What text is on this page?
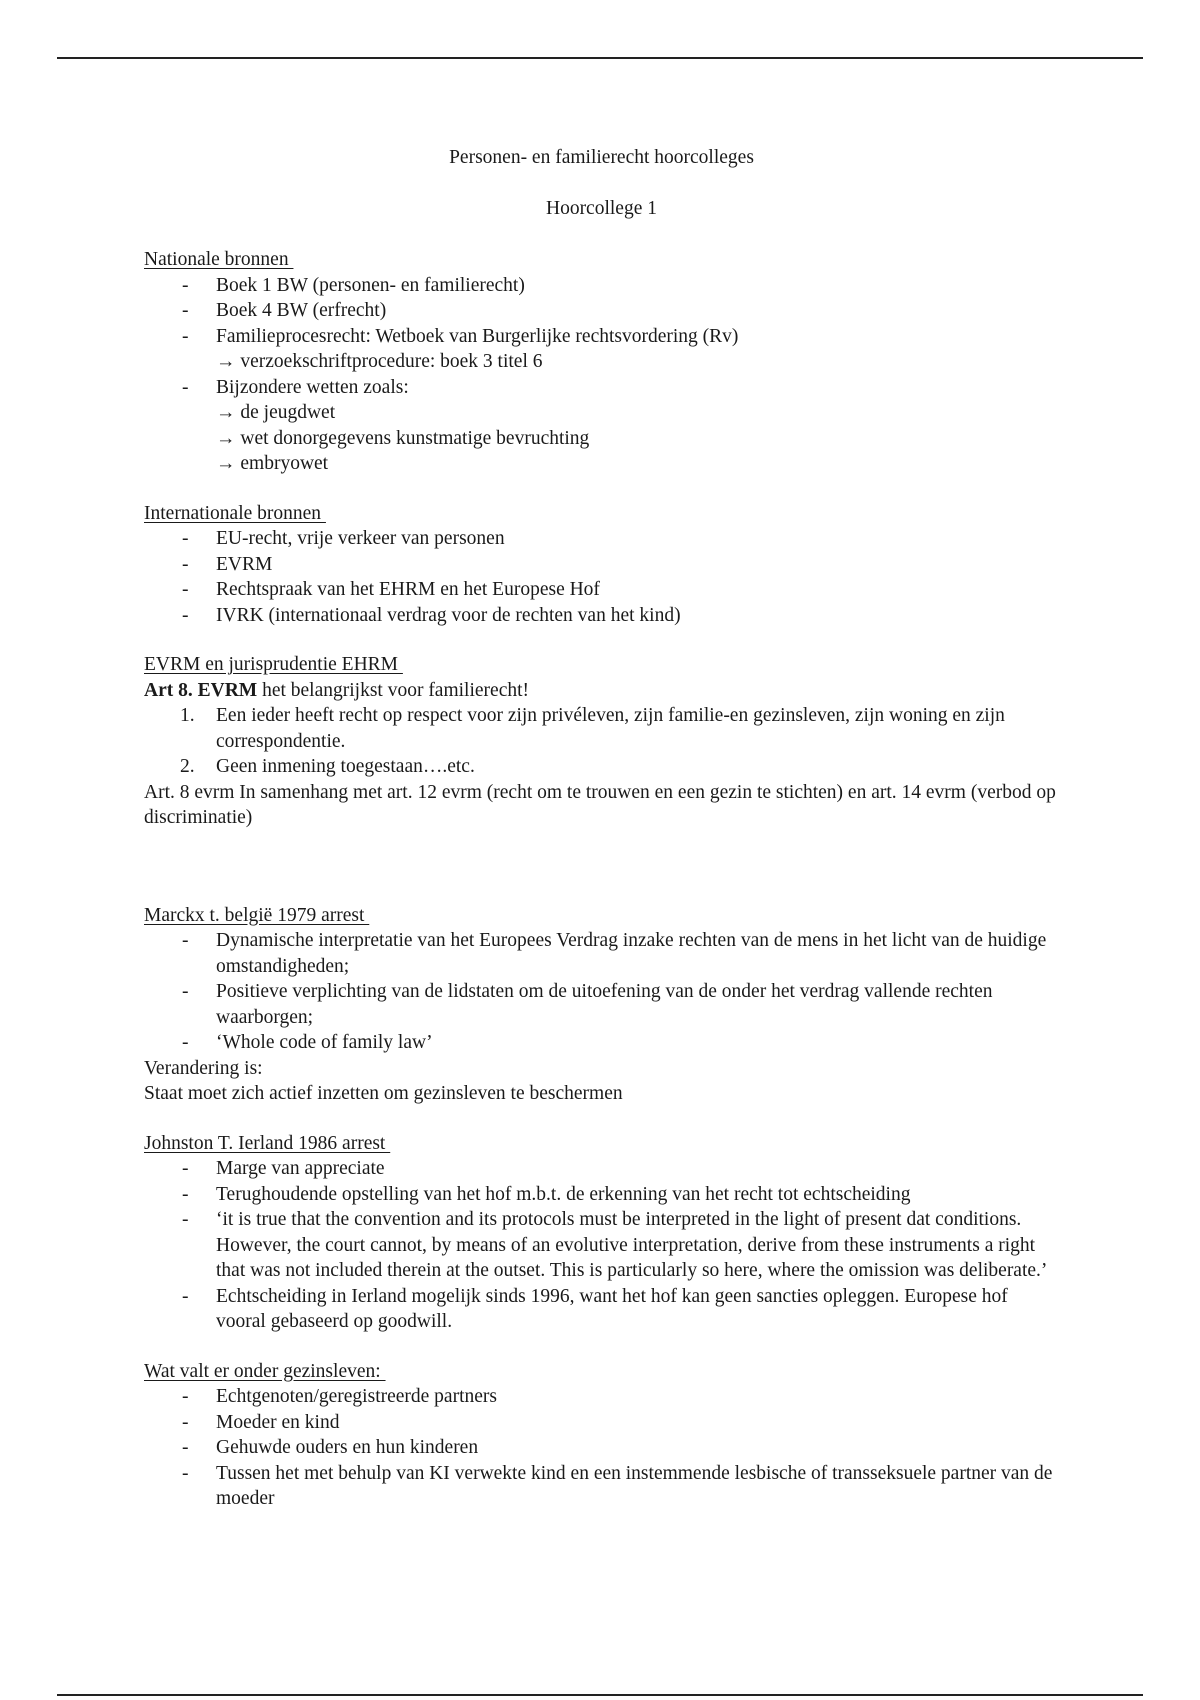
Personen- en familierecht hoorcolleges
Hoorcollege 1
Nationale bronnen
- Boek 1 BW (personen- en familierecht)
- Boek 4 BW (erfrecht)
- Familieprocesrecht: Wetboek van Burgerlijke rechtsvordering (Rv)
→ verzoekschriftprocedure: boek 3 titel 6
- Bijzondere wetten zoals:
→ de jeugdwet
→ wet donorgegevens kunstmatige bevruchting
→ embryowet
Internationale bronnen
- EU-recht, vrije verkeer van personen
- EVRM
- Rechtspraak van het EHRM en het Europese Hof
- IVRK (internationaal verdrag voor de rechten van het kind)
EVRM en jurisprudentie EHRM

Art 8. EVRM het belangrijkst voor familierecht!

1. Een ieder heeft recht op respect voor zijn privéleven, zijn familie-en gezinsleven, zijn woning en zijn correspondentie.
2. Geen inmening toegestaan….etc.

Art. 8 evrm In samenhang met art. 12 evrm (recht om te trouwen en een gezin te stichten) en art. 14 evrm (verbod op discriminatie)

Marckx t. belgië 1979 arrest
- Dynamische interpretatie van het Europees Verdrag inzake rechten van de mens in het licht van de huidige omstandigheden;
- Positieve verplichting van de lidstaten om de uitoefening van de onder het verdrag vallende rechten waarborgen;
- ‘Whole code of family law’

Verandering is:

Staat moet zich actief inzetten om gezinsleven te beschermen

Johnston T. Ierland 1986 arrest
- Marge van appreciate
- Terughoudende opstelling van het hof m.b.t. de erkenning van het recht tot echtscheiding
- ‘it is true that the convention and its protocols must be interpreted in the light of present dat conditions. However, the court cannot, by means of an evolutive interpretation, derive from these instruments a right that was not included therein at the outset. This is particularly so here, where the omission was deliberate.’
- Echtscheiding in Ierland mogelijk sinds 1996, want het hof kan geen sancties opleggen. Europese hof vooral gebaseerd op goodwill.
Wat valt er onder gezinsleven:
- Echtgenoten/geregistreerde partners
- Moeder en kind
- Gehuwde ouders en hun kinderen
- Tussen het met behulp van KI verwekte kind en een instemmende lesbische of transseksuele partner van de moeder
